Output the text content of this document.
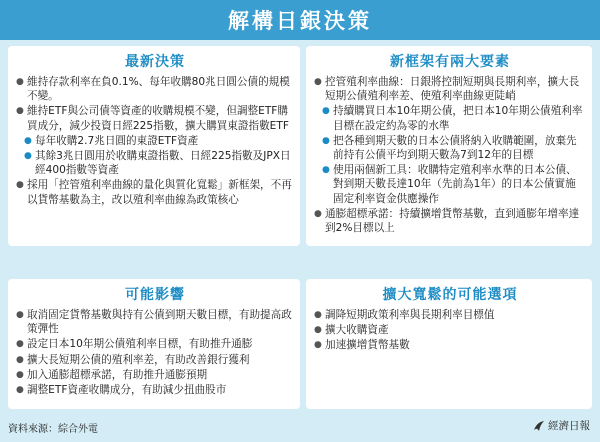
解構日銀決策
最新決策
● 維持存款利率在負0.1%、每年收購80兆日圓公債的規模不變。
● 維持ETF與公司債等資產的收購規模不變，但調整ETF購買成分，減少投資日經225指數，擴大購買東證指數ETF
● 每年收購2.7兆日圓的東證ETF資產
● 其餘3兆日圓用於收購東證指數、日經225指數及JPX日經400指數等資產
● 採用「控管殖利率曲線的量化與質化寬鬆」新框架，不再以貨幣基數為主，改以殖利率曲線為政策核心
新框架有兩大要素
● 控管殖利率曲線：日銀將控制短期與長期利率，擴大長短期公債殖利率差、使殖利率曲線更陡峭
● 持續購買日本10年期公債，把日本10年期公債殖利率目標在設定約為零的水準
● 把各種到期天數的日本公債將納入收購範圍，放棄先前持有公債平均到期天數為7到12年的目標
● 使用兩個新工具：收購特定殖利率水準的日本公債、對到期天數長達10年（先前為1年）的日本公債實施固定利率資金供應操作
● 通膨超標承諾：持續擴增貨幣基數，直到通膨年增率達到2%目標以上
可能影響
● 取消固定貨幣基數與持有公債到期天數目標，有助提高政策彈性
● 設定日本10年期公債殖利率目標，有助推升通膨
● 擴大長短期公債的殖利率差，有助改善銀行獲利
● 加入通膨超標承諾，有助推升通膨預期
● 調整ETF資產收購成分，有助減少扭曲股市
擴大寬鬆的可能選項
● 調降短期政策利率與長期利率目標值
● 擴大收購資產
● 加速擴增貨幣基數
資料來源：綜合外電	經濟日報
